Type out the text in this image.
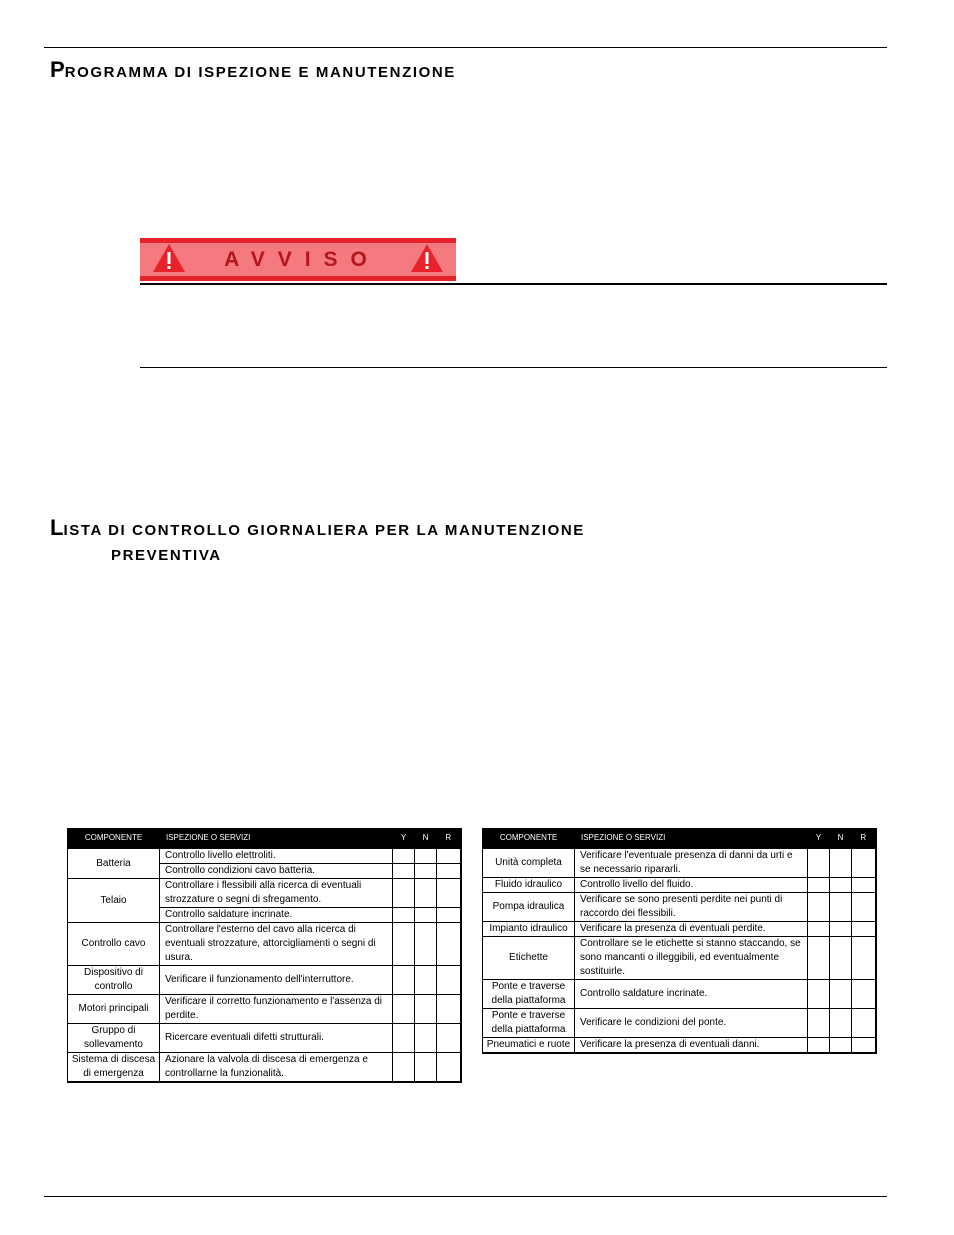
PROGRAMMA DI ISPEZIONE E MANUTENZIONE
AVVISO
LISTA DI CONTROLLO GIORNALIERA PER LA MANUTENZIONE
PREVENTIVA
COMPONENTE	ISPEZIONE O SERVIZI	Y	N	R
Batteria	Controllo livello elettroliti.			
	Controllo condizioni cavo batteria.			
Telaio	Controllare i flessibili alla ricerca di eventuali strozzature o segni di sfregamento.			
	Controllo saldature incrinate.			
Controllo cavo	Controllare l'esterno del cavo alla ricerca di eventuali strozzature, attorcigliamenti o segni di usura.			
Dispositivo di controllo	Verificare il funzionamento dell'interruttore.			
Motori principali	Verificare il corretto funzionamento e l'assenza di perdite.			
Gruppo di sollevamento	Ricercare eventuali difetti strutturali.			
Sistema di discesa di emergenza	Azionare la valvola di discesa di emergenza e controllarne la funzionalità.			
COMPONENTE	ISPEZIONE O SERVIZI	Y	N	R
Unità completa	Verificare l'eventuale presenza di danni da urti e se necessario ripararli.			
Fluido idraulico	Controllo livello del fluido.			
Pompa idraulica	Verificare se sono presenti perdite nei punti di raccordo dei flessibili.			
Impianto idraulico	Verificare la presenza di eventuali perdite.			
Etichette	Controllare se le etichette si stanno staccando, se sono mancanti o illeggibili, ed eventualmente sostituirle.			
Ponte e traverse della piattaforma	Controllo saldature incrinate.			
Ponte e traverse della piattaforma	Verificare le condizioni del ponte.			
Pneumatici e ruote	Verificare la presenza di eventuali danni.			
